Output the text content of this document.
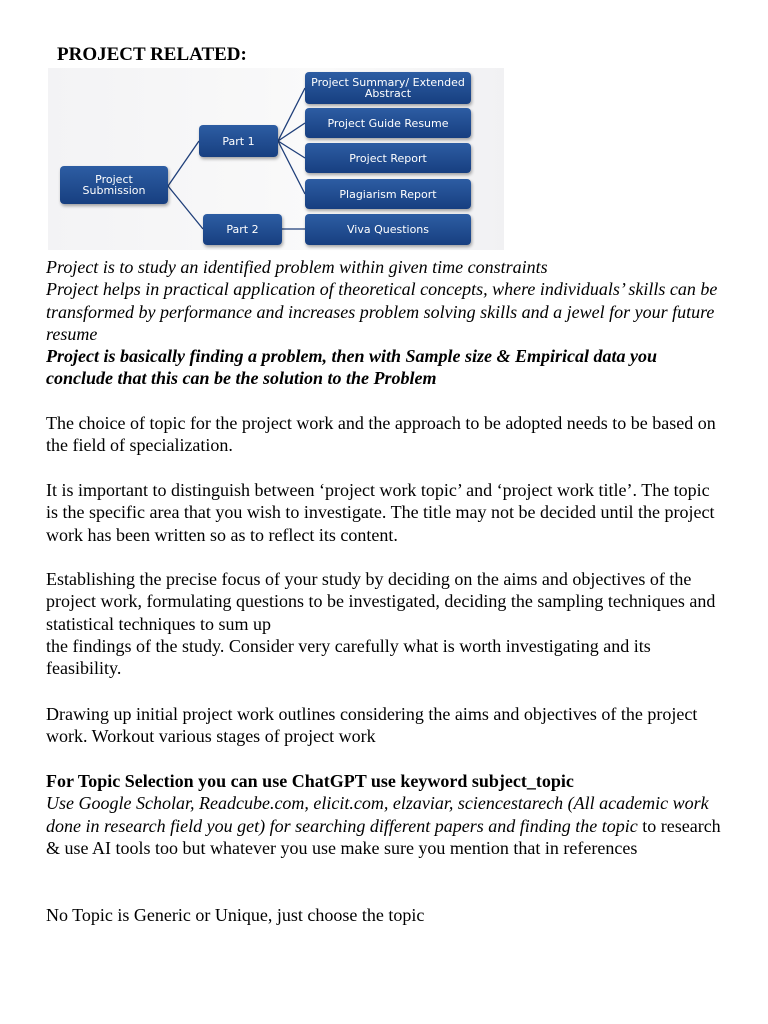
PROJECT RELATED:

Project Submission
Part 1
Part 2
Project Summary/ Extended Abstract
Project Guide Resume
Project Report
Plagiarism Report
Viva Questions
Project is to study an identified problem within given time constraints
Project helps in practical application of theoretical concepts, where individuals’ skills can be transformed by performance and increases problem solving skills and a jewel for your future resume
Project is basically finding a problem, then with Sample size & Empirical data you conclude that this can be the solution to the Problem

The choice of topic for the project work and the approach to be adopted needs to be based on the field of specialization.

It is important to distinguish between ‘project work topic’ and ‘project work title’. The topic is the specific area that you wish to investigate. The title may not be decided until the project work has been written so as to reflect its content.

Establishing the precise focus of your study by deciding on the aims and objectives of the project work, formulating questions to be investigated, deciding the sampling techniques and statistical techniques to sum up
the findings of the study. Consider very carefully what is worth investigating and its feasibility.

Drawing up initial project work outlines considering the aims and objectives of the project work. Workout various stages of project work

For Topic Selection you can use ChatGPT use keyword subject_topic
Use Google Scholar, Readcube.com, elicit.com, elzaviar, sciencestarech (All academic work done in research field you get) for searching different papers and finding the topic to research & use AI tools too but whatever you use make sure you mention that in references

No Topic is Generic or Unique, just choose the topic
